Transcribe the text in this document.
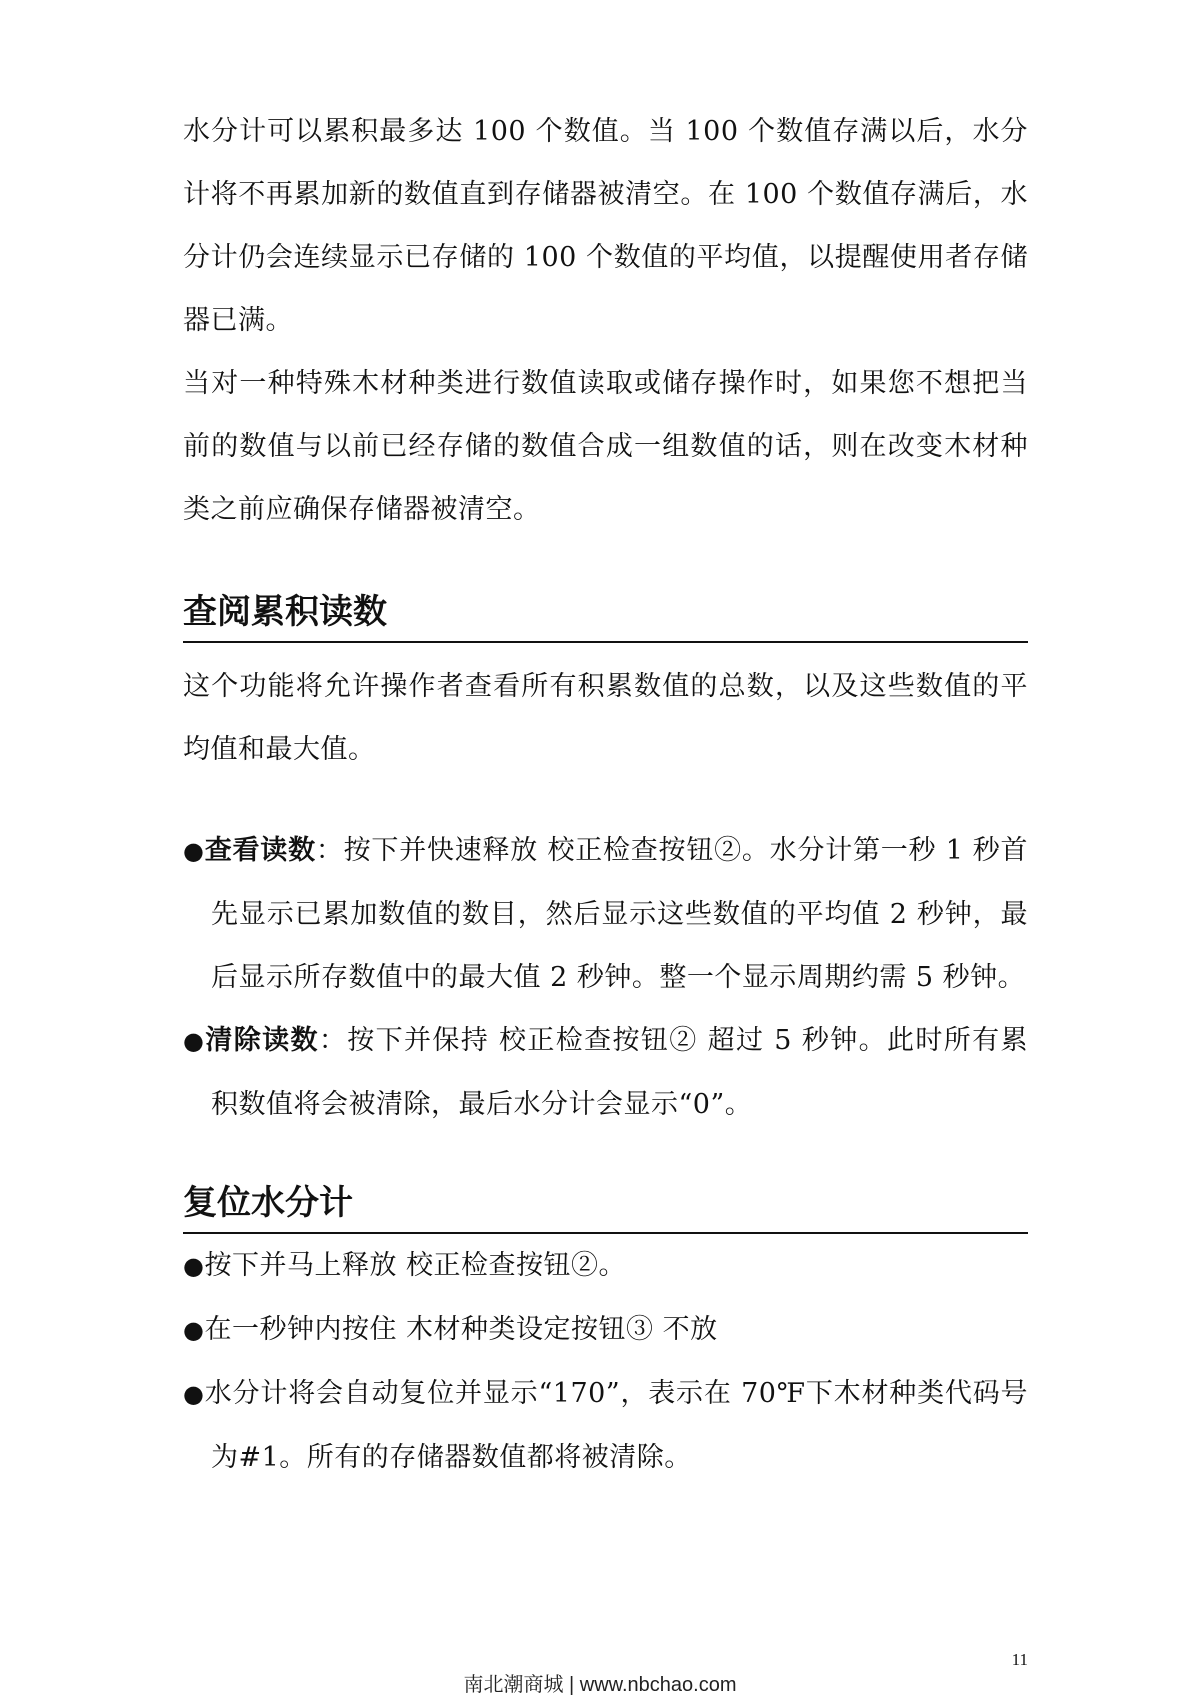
水分计可以累积最多达 100 个数值。当 100 个数值存满以后，水分计将不再累加新的数值直到存储器被清空。在 100 个数值存满后，水分计仍会连续显示已存储的 100 个数值的平均值，以提醒使用者存储器已满。

当对一种特殊木材种类进行数值读取或储存操作时，如果您不想把当前的数值与以前已经存储的数值合成一组数值的话，则在改变木材种类之前应确保存储器被清空。

查阅累积读数

这个功能将允许操作者查看所有积累数值的总数，以及这些数值的平均值和最大值。

●查看读数：按下并快速释放 校正检查按钮②。水分计第一秒 1 秒首先显示已累加数值的数目，然后显示这些数值的平均值 2 秒钟，最后显示所存数值中的最大值 2 秒钟。整一个显示周期约需 5 秒钟。

●清除读数：按下并保持 校正检查按钮② 超过 5 秒钟。此时所有累积数值将会被清除，最后水分计会显示“0”。

复位水分计

●按下并马上释放 校正检查按钮②。

●在一秒钟内按住 木材种类设定按钮③ 不放

●水分计将会自动复位并显示“170”，表示在 70℉下木材种类代码号为#1。所有的存储器数值都将被清除。

11
南北潮商城 | www.nbchao.com
